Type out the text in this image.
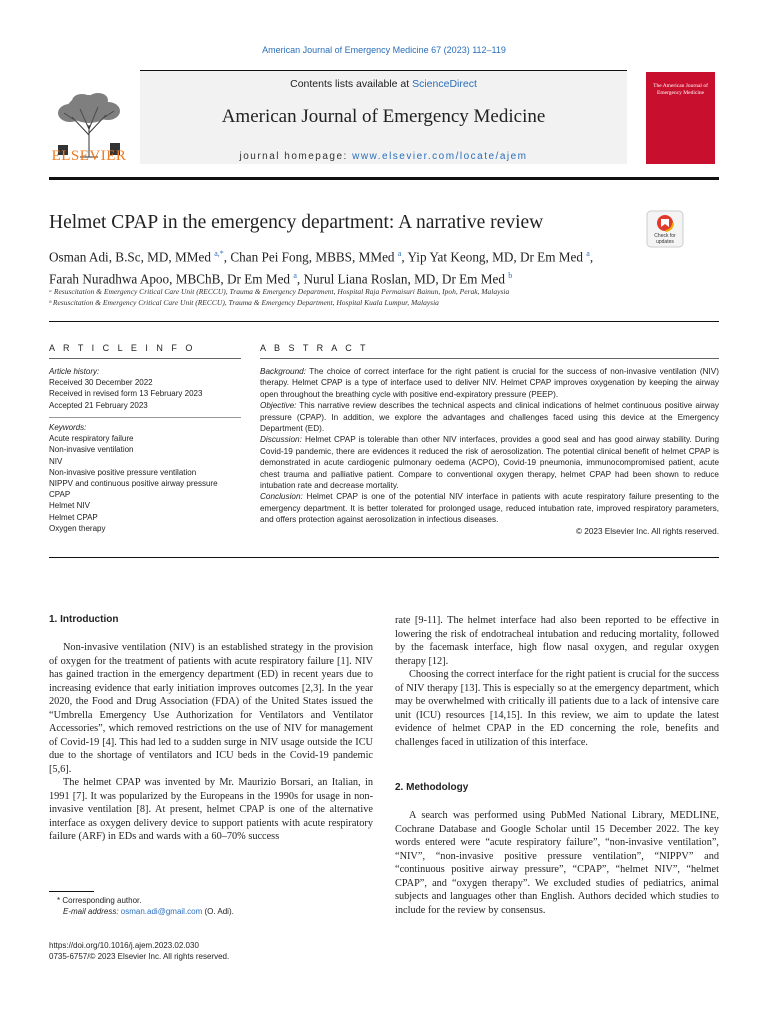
American Journal of Emergency Medicine 67 (2023) 112–119
Contents lists available at ScienceDirect
American Journal of Emergency Medicine
journal homepage: www.elsevier.com/locate/ajem
ELSEVIER
The American Journal of Emergency Medicine
Helmet CPAP in the emergency department: A narrative review
Check for updates
Osman Adi, B.Sc, MD, MMed $^{a,*}$, Chan Pei Fong, MBBS, MMed $^a$, Yip Yat Keong, MD, Dr Em Med $^a$,
Farah Nuradhwa Apoo, MBChB, Dr Em Med $^a$, Nurul Liana Roslan, MD, Dr Em Med $^b$
ᵃ Resuscitation & Emergency Critical Care Unit (RECCU), Trauma & Emergency Department, Hospital Raja Permaisuri Bainun, Ipoh, Perak, Malaysia
ᵇ Resuscitation & Emergency Critical Care Unit (RECCU), Trauma & Emergency Department, Hospital Kuala Lumpur, Malaysia
A R T I C L E I N F O
Article history:
Received 30 December 2022
Received in revised form 13 February 2023
Accepted 21 February 2023
Keywords:
Acute respiratory failure
Non-invasive ventilation
NIV
Non-invasive positive pressure ventilation
NIPPV and continuous positive airway pressure
CPAP
Helmet NIV
Helmet CPAP
Oxygen therapy
A B S T R A C T
Background: The choice of correct interface for the right patient is crucial for the success of non-invasive ventilation (NIV) therapy. Helmet CPAP is a type of interface used to deliver NIV. Helmet CPAP improves oxygenation by keeping the airway open throughout the breathing cycle with positive end-expiratory pressure (PEEP).
Objective: This narrative review describes the technical aspects and clinical indications of helmet continuous positive airway pressure (CPAP). In addition, we explore the advantages and challenges faced using this device at the Emergency Department (ED).
Discussion: Helmet CPAP is tolerable than other NIV interfaces, provides a good seal and has good airway stability. During Covid-19 pandemic, there are evidences it reduced the risk of aerosolization. The potential clinical benefit of helmet CPAP is demonstrated in acute cardiogenic pulmonary oedema (ACPO), Covid-19 pneumonia, immunocompromised patient, acute chest trauma and palliative patient. Compare to conventional oxygen therapy, helmet CPAP had been shown to reduce intubation rate and decrease mortality.
Conclusion: Helmet CPAP is one of the potential NIV interface in patients with acute respiratory failure presenting to the emergency department. It is better tolerated for prolonged usage, reduced intubation rate, improved respiratory parameters, and offers protection against aerosolization in infectious diseases.
© 2023 Elsevier Inc. All rights reserved.
1. Introduction

Non-invasive ventilation (NIV) is an established strategy in the provision of oxygen for the treatment of patients with acute respiratory failure [1]. NIV has gained traction in the emergency department (ED) in recent years due to increasing evidence that early initiation improves outcomes [2,3]. In the year 2020, the Food and Drug Association (FDA) of the United States issued the “Umbrella Emergency Use Authorization for Ventilators and Ventilator Accessories”, which removed restrictions on the use of NIV for management of Covid-19 [4]. This had led to a sudden surge in NIV usage outside the ICU due to the shortage of ventilators and ICU beds in the Covid-19 pandemic [5,6].

The helmet CPAP was invented by Mr. Maurizio Borsari, an Italian, in 1991 [7]. It was popularized by the Europeans in the 1990s for usage in non-invasive ventilation [8]. At present, helmet CPAP is one of the alternative interface as oxygen delivery device to support patients with acute respiratory failure (ARF) in EDs and wards with a 60–70% success

rate [9-11]. The helmet interface had also been reported to be effective in lowering the risk of endotracheal intubation and reducing mortality, followed by the facemask interface, high flow nasal oxygen, and regular oxygen therapy [12].

Choosing the correct interface for the right patient is crucial for the success of NIV therapy [13]. This is especially so at the emergency department, which may be overwhelmed with critically ill patients due to a lack of intensive care unit (ICU) resources [14,15]. In this review, we aim to update the latest evidence of helmet CPAP in the ED concerning the role, benefits and challenges faced in utilization of this interface.

2. Methodology

A search was performed using PubMed National Library, MEDLINE, Cochrane Database and Google Scholar until 15 December 2022. The key words entered were “acute respiratory failure”, “non-invasive ventilation”, “NIV”, “non-invasive positive pressure ventilation”, “NIPPV” and “continuous positive airway pressure”, “CPAP”, “helmet NIV”, “helmet CPAP”, and “oxygen therapy”. We excluded studies of pediatrics, animal subjects and languages other than English. Authors decided which studies to include for the review by consensus.

* Corresponding author.
E-mail address: osman.adi@gmail.com (O. Adi).
https://doi.org/10.1016/j.ajem.2023.02.030
0735-6757/© 2023 Elsevier Inc. All rights reserved.
